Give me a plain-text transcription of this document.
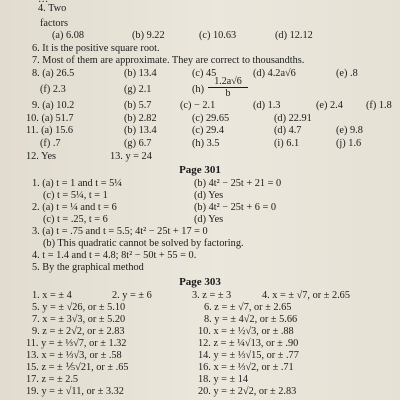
4. Two
factors
(a) 6.08	(b) 9.22	(c) 10.63	(d) 12.12
6. It is the positive square root.
7. Most of them are approximate. They are correct to thousandths.
8. (a) 26.5	(b) 13.4	(c) 45	(d) 4.2a√6	(e) .8
(f) 2.3	(g) 2.1	(h)
1.2a√6
b
9. (a) 10.2	(b) 5.7	(c) − 2.1	(d) 1.3	(e) 2.4 (f) 1.8
10. (a) 51.7	(b) 2.82	(c) 29.65	(d) 22.91
11. (a) 15.6	(b) 13.4	(c) 29.4	(d) 4.7	(e) 9.8
(f) .7	(g) 6.7	(h) 3.5	(i) 6.1	(j) 1.6
12. Yes	13. y = 24
Page 301
1. (a) t = 1 and t = 5¼	(b) 4t² − 25t + 21 = 0
(c) t = 5¼, t = 1	(d) Yes
2. (a) t = ¼ and t = 6	(b) 4t² − 25t + 6 = 0
(c) t = .25, t = 6	(d) Yes
3. (a) t = .75 and t = 5.5; 4t² − 25t + 17 = 0
(b) This quadratic cannot be solved by factoring.
4. t = 1.4 and t = 4.8; 8t² − 50t + 55 = 0.
5. By the graphical method
Page 303
1. x = ± 4	2. y = ± 6	3. z = ± 3	4. x = ± √7, or ± 2.65
5. y = ± √26, or ± 5.10	6. z = ± √7, or ± 2.65
7. x = ± 3√3, or ± 5.20	8. y = ± 4√2, or ± 5.66
9. z = ± 2√2, or ± 2.83	10. x = ± ½√3, or ± .88
11. y = ± ⅓√7, or ± 1.32	12. z = ± ¼√13, or ± .90
13. x = ± ⅓√3, or ± .58	14. y = ± ⅓√15, or ± .77
15. z = ± ⅕√21, or ± .65	16. x = ± ⅓√2, or ± .71
17. z = ± 2.5	18. y = ± 14
19. y = ± √11, or ± 3.32	20. y = ± 2√2, or ± 2.83
